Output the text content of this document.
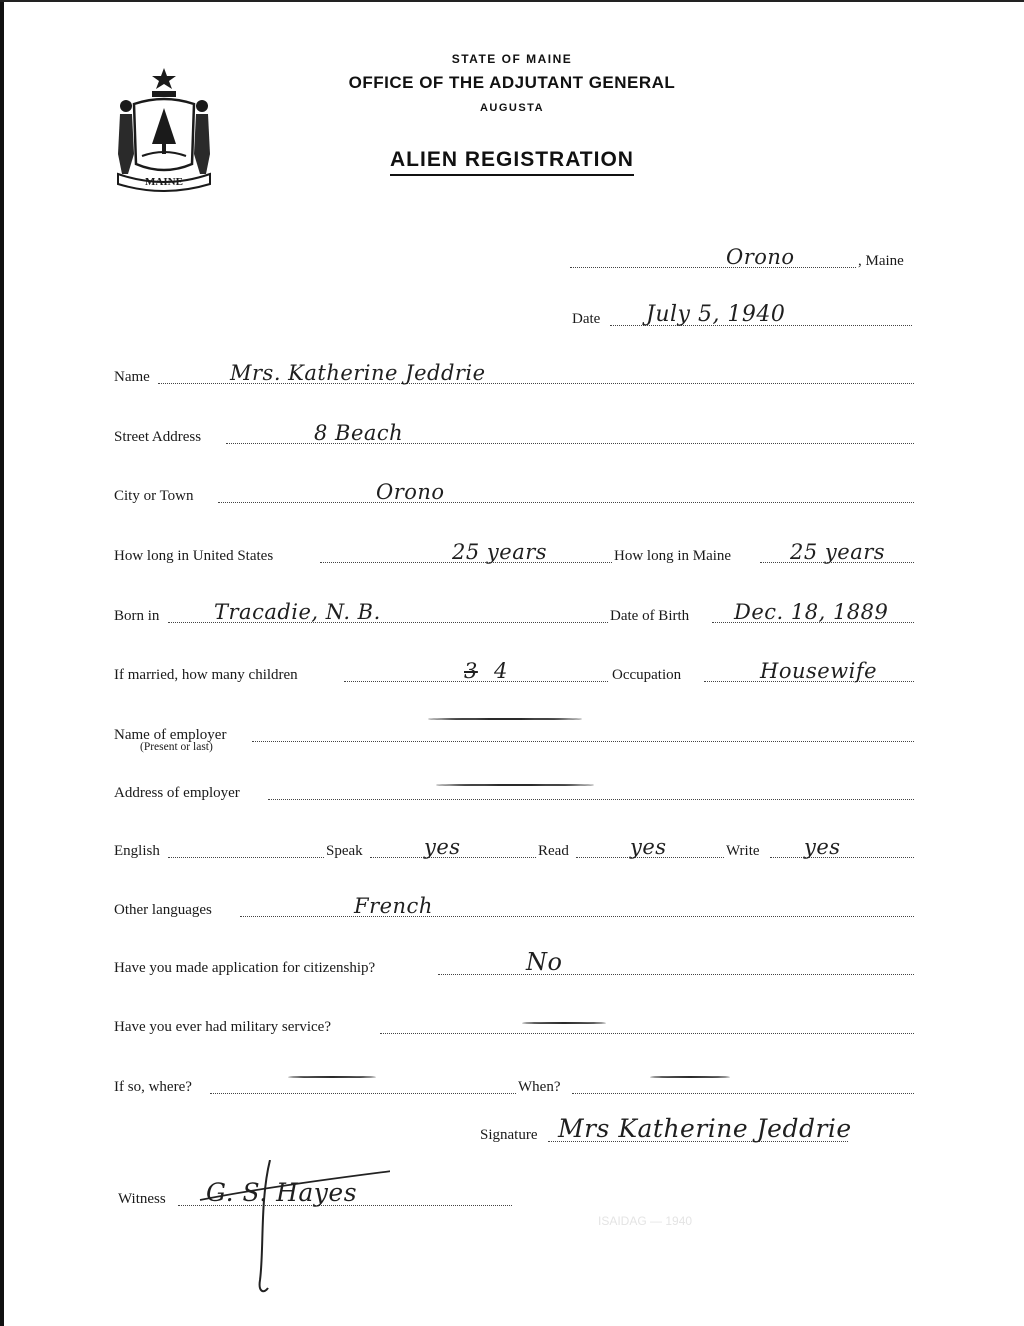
MAINE
STATE OF MAINE
OFFICE OF THE ADJUTANT GENERAL
AUGUSTA
ALIEN REGISTRATION
Orono	, Maine
Date July 5, 1940
Name	Mrs. Katherine Jeddrie
Street Address	8 Beach
City or Town	Orono
How long in United States	25 years	How long in Maine	25 years
Born in	Tracadie, N. B.	Date of Birth Dec. 18, 1889
If married, how many children	3 4	Occupation	Housewife
Name of employer
(Present or last)
Address of employer
English	Speak	yes	Read	yes	Write yes
Other languages	French
Have you made application for citizenship?	No
Have you ever had military service?
If so, where?	When?
Signature Mrs Katherine Jeddrie
Witness G. S. Hayes
ISAIDAG — 1940
